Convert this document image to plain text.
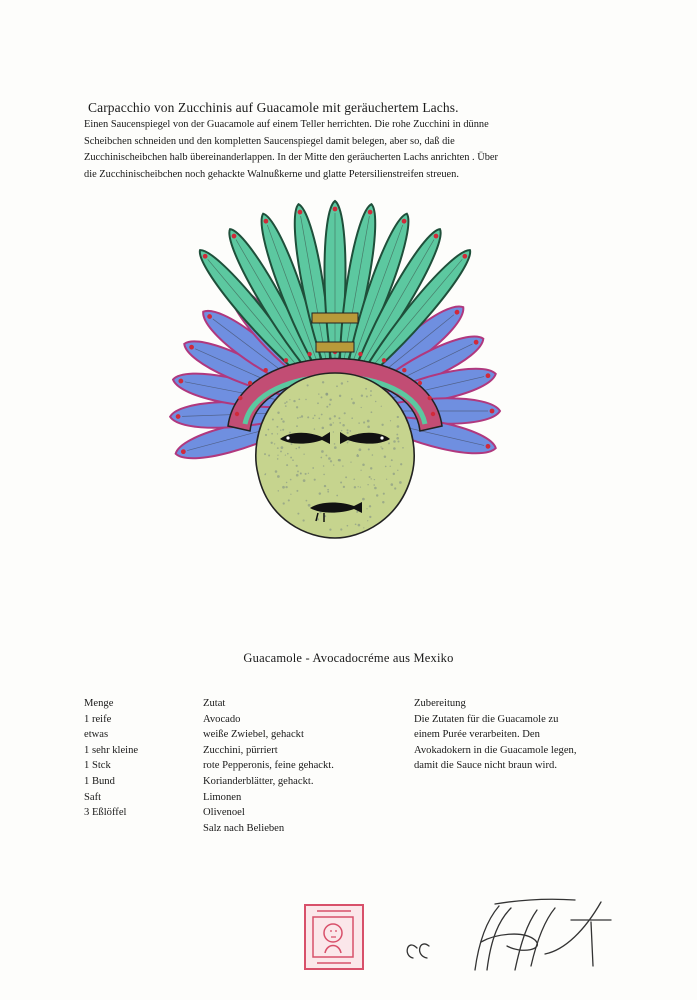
Carpacchio von Zucchinis auf Guacamole mit geräuchertem Lachs.
Einen Saucenspiegel von der Guacamole auf einem Teller herrichten. Die rohe Zucchini in dünne
Scheibchen schneiden und den kompletten Saucenspiegel damit belegen, aber so, daß die
Zucchinischeibchen halb übereinanderlappen. In der Mitte den geräucherten Lachs anrichten . Über
die Zucchinischeibchen noch gehackte Walnußkerne und glatte Petersilienstreifen streuen.
Guacamole - Avocadocréme aus Mexiko
Menge
1 reife
etwas
1 sehr kleine
1 Stck
1 Bund
Saft
3 Eßlöffel
Zutat
Avocado
weiße Zwiebel, gehackt
Zucchini, pürriert
rote Pepperonis, feine gehackt.
Korianderblätter, gehackt.
Limonen
Olivenoel
Salz nach Belieben
Zubereitung
Die Zutaten für die Guacamole zu
einem Purée verarbeiten. Den
Avokadokern in die Guacamole legen,
damit die Sauce nicht braun wird.
